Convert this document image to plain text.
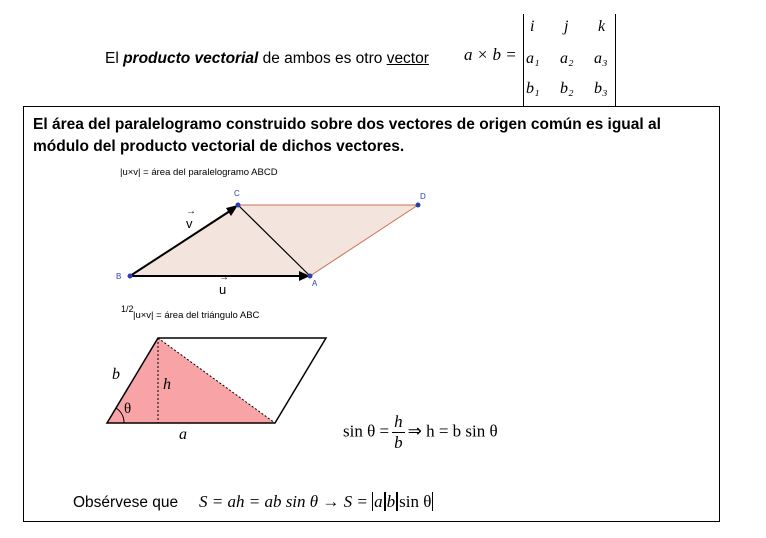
El producto vectorial de ambos es otro vector a × b =
i j k
a₁ a₂ a₃
b₁ b₂ b₃
El área del paralelogramo construido sobre dos vectores de origen común es igual al módulo del producto vectorial de dichos vectores.
|u×v| = área del paralelogramo ABCD
B
C	D
A
→
v
→
u
1/2
|u×v| = área del triángulo ABC
b
h
θ
a	$\sin \theta = \frac{h}{b}$ ⇒ h = b sin θ
Obsérvese que S = ah = ab sin θ → S = a b sin θ
